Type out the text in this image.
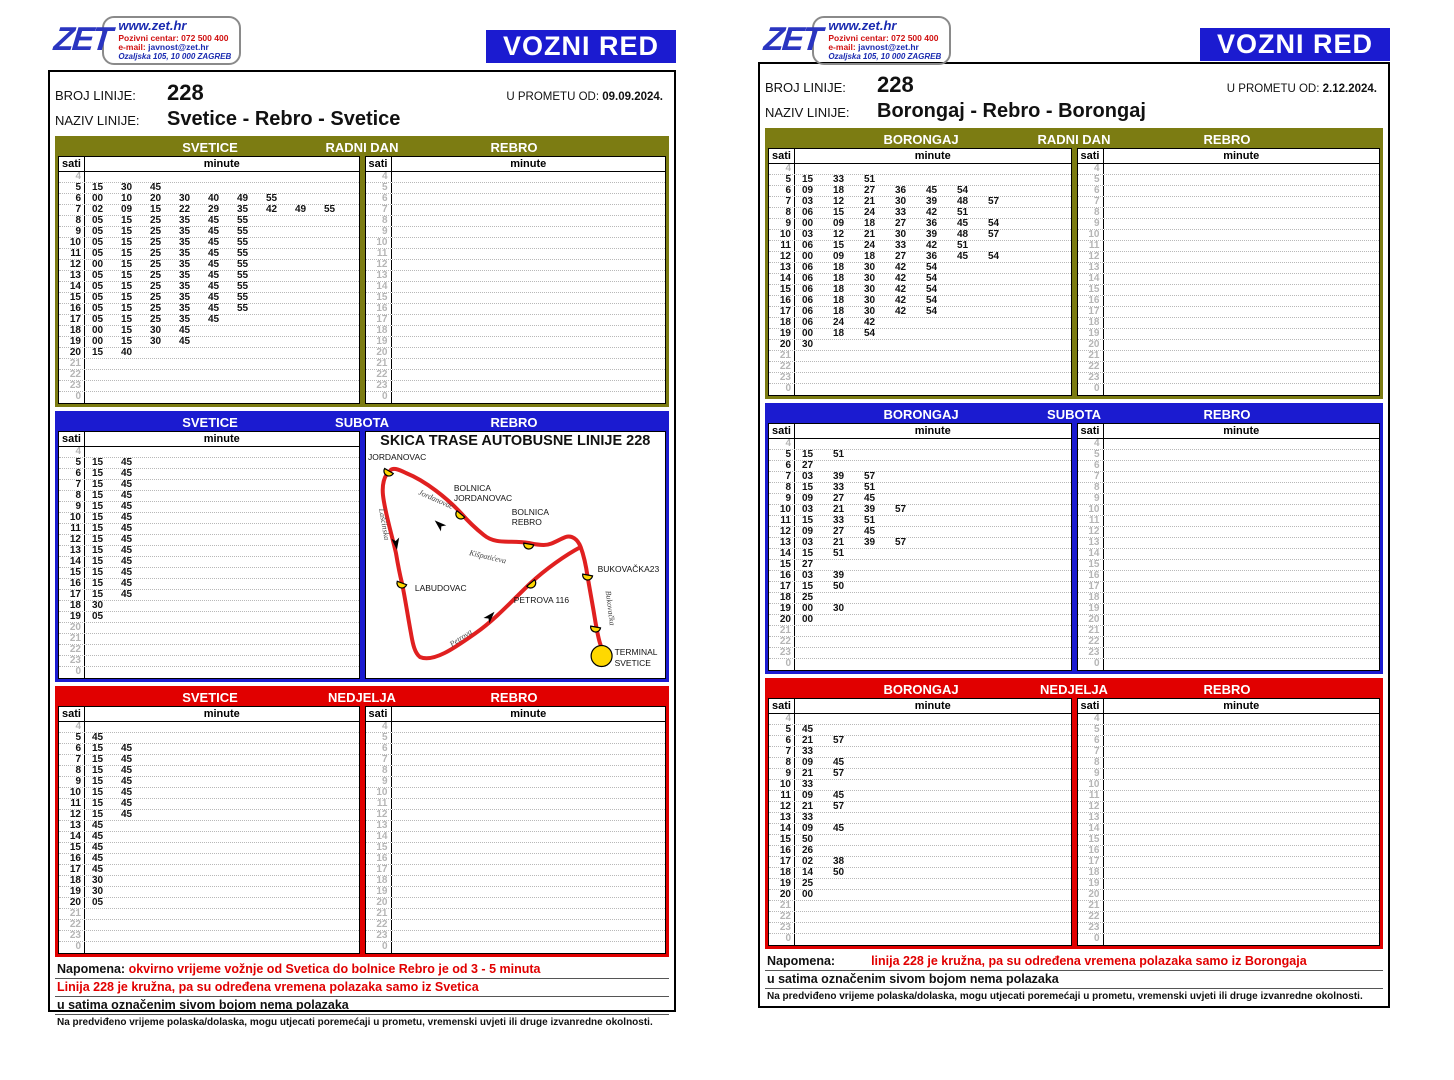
ZET www.zet.hr
Pozivni centar: 072 500 400
e-mail: javnost@zet.hr
Ozaljska 105, 10 000 ZAGREB	VOZNI RED
BROJ LINIJE:	228	U PROMETU OD: 09.09.2024.
NAZIV LINIJE:	Svetice - Rebro - Svetice
SVETICE	RADNI DAN	REBRO
sati	minute
4
5	15	30	45
6	00	10	20	30	40	49	55
7	02	09	15	22	29	35	42	49	55
8	05	15	25	35	45	55
9	05	15	25	35	45	55
10	05	15	25	35	45	55
11	05	15	25	35	45	55
12	00	15	25	35	45	55
13	05	15	25	35	45	55
14	05	15	25	35	45	55
15	05	15	25	35	45	55
16	05	15	25	35	45	55
17	05	15	25	35	45
18	00	15	30	45
19	00	15	30	45
20	15	40
21
22
23
0
sati	minute
4
5
6
7
8
9
10
11
12
13
14
15
16
17
18
19
20
21
22
23
0
SVETICE	SUBOTA	REBRO
sati	minute
4
5	15	45
6	15	45
7	15	45
8	15	45
9	15	45
10	15	45
11	15	45
12	15	45
13	15	45
14	15	45
15	15	45
16	15	45
17	15	45
18	30
19	05
20
21
22
23
0
SKICA TRASE AUTOBUSNE LINIJE 228
JORDANOVAC
BOLNICA
JORDANOVAC
BOLNICA
REBRO
BUKOVAČKA23
LABUDOVAC
PETROVA 116
TERMINAL
SVETICE
Jordanovac
Lašćinska
Kišpatićeva
Petrova
Bukovačka
SVETICE	NEDJELJA	REBRO
sati	minute
4
5	45
6	15	45
7	15	45
8	15	45
9	15	45
10	15	45
11	15	45
12	15	45
13	45
14	45
15	45
16	45
17	45
18	30
19	30
20	05
21
22
23
0
sati	minute
4
5
6
7
8
9
10
11
12
13
14
15
16
17
18
19
20
21
22
23
0
Napomena: okvirno vrijeme vožnje od Svetica do bolnice Rebro je od 3 - 5 minuta
Linija 228 je kružna, pa su određena vremena polazaka samo iz Svetica
u satima označenim sivom bojom nema polazaka
Na predviđeno vrijeme polaska/dolaska, mogu utjecati poremećaji u prometu, vremenski uvjeti ili druge izvanredne okolnosti.
ZET www.zet.hr
Pozivni centar: 072 500 400
e-mail: javnost@zet.hr
Ozaljska 105, 10 000 ZAGREB	VOZNI RED
BROJ LINIJE:	228	U PROMETU OD: 2.12.2024.
NAZIV LINIJE:	Borongaj - Rebro - Borongaj
BORONGAJ	RADNI DAN	REBRO
sati	minute
4
5	15	33	51
6	09	18	27	36	45	54
7	03	12	21	30	39	48	57
8	06	15	24	33	42	51
9	00	09	18	27	36	45	54
10	03	12	21	30	39	48	57
11	06	15	24	33	42	51
12	00	09	18	27	36	45	54
13	06	18	30	42	54
14	06	18	30	42	54
15	06	18	30	42	54
16	06	18	30	42	54
17	06	18	30	42	54
18	06	24	42
19	00	18	54
20	30
21
22
23
0
sati	minute
4
5
6
7
8
9
10
11
12
13
14
15
16
17
18
19
20
21
22
23
0
BORONGAJ	SUBOTA	REBRO
sati	minute
4
5	15	51
6	27
7	03	39	57
8	15	33	51
9	09	27	45
10	03	21	39	57
11	15	33	51
12	09	27	45
13	03	21	39	57
14	15	51
15	27
16	03	39
17	15	50
18	25
19	00	30
20	00
21
22
23
0
sati	minute
4
5
6
7
8
9
10
11
12
13
14
15
16
17
18
19
20
21
22
23
0
BORONGAJ	NEDJELJA	REBRO
sati	minute
4
5	45
6	21	57
7	33
8	09	45
9	21	57
10	33
11	09	45
12	21	57
13	33
14	09	45
15	50
16	26
17	02	38
18	14	50
19	25
20	00
21
22
23
0
sati	minute
4
5
6
7
8
9
10
11
12
13
14
15
16
17
18
19
20
21
22
23
0
Napomena:	linija 228 je kružna, pa su određena vremena polazaka samo iz Borongaja
u satima označenim sivom bojom nema polazaka
Na predviđeno vrijeme polaska/dolaska, mogu utjecati poremećaji u prometu, vremenski uvjeti ili druge izvanredne okolnosti.
